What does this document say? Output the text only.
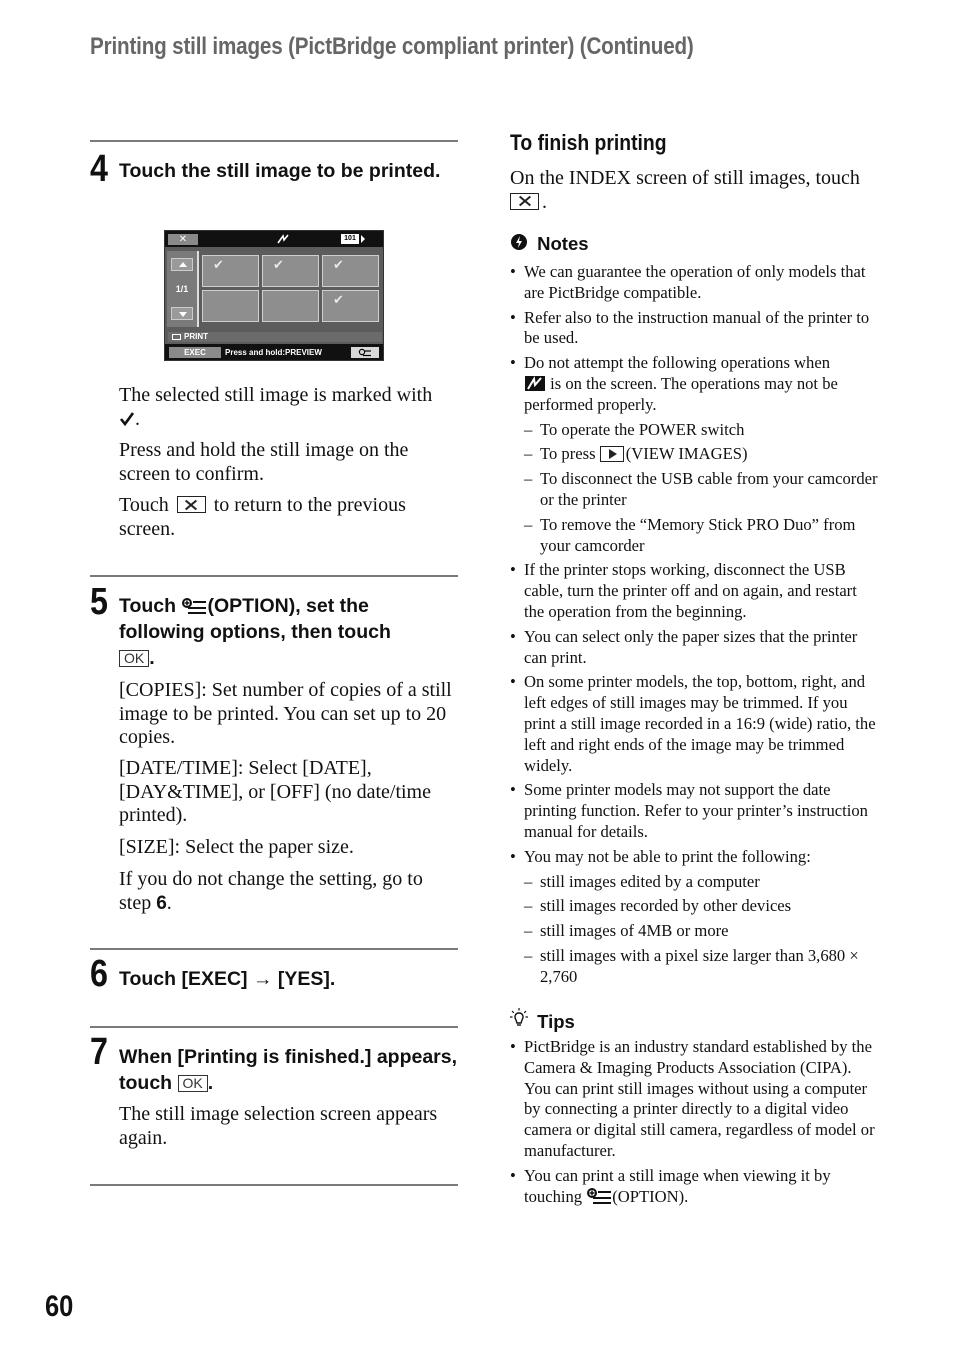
Printing still images (PictBridge compliant printer) (Continued)
4 Touch the still image to be printed.
✕	101
1/1
✔	✔	✔
✔
PRINT
EXEC	Press and hold:PREVIEW
The selected still image is marked with
.
Press and hold the still image on the screen to confirm.
Touch to return to the previous screen.
5 Touch (OPTION), set the following options, then touch
OK .
[COPIES]: Set number of copies of a still image to be printed. You can set up to 20 copies.
[DATE/TIME]: Select [DATE], [DAY&TIME], or [OFF] (no date/time printed).
[SIZE]: Select the paper size.
If you do not change the setting, go to step 6.
6 Touch [EXEC] → [YES].
7 When [Printing is finished.] appears, touch OK .
The still image selection screen appears again.
To finish printing
On the INDEX screen of still images, touch
.
Notes
• We can guarantee the operation of only models that are PictBridge compatible.
• Refer also to the instruction manual of the printer to be used.
• Do not attempt the following operations when
is on the screen. The operations may not be performed properly.
– To operate the POWER switch
– To press (VIEW IMAGES)
– To disconnect the USB cable from your camcorder or the printer
– To remove the “Memory Stick PRO Duo” from your camcorder
• If the printer stops working, disconnect the USB cable, turn the printer off and on again, and restart the operation from the beginning.
• You can select only the paper sizes that the printer can print.
• On some printer models, the top, bottom, right, and left edges of still images may be trimmed. If you print a still image recorded in a 16:9 (wide) ratio, the left and right ends of the image may be trimmed widely.
• Some printer models may not support the date printing function. Refer to your printer’s instruction manual for details.
• You may not be able to print the following:
– still images edited by a computer
– still images recorded by other devices
– still images of 4MB or more
– still images with a pixel size larger than 3,680 × 2,760
Tips
• PictBridge is an industry standard established by the Camera & Imaging Products Association (CIPA). You can print still images without using a computer by connecting a printer directly to a digital video camera or digital still camera, regardless of model or manufacturer.
• You can print a still image when viewing it by touching (OPTION).
60
